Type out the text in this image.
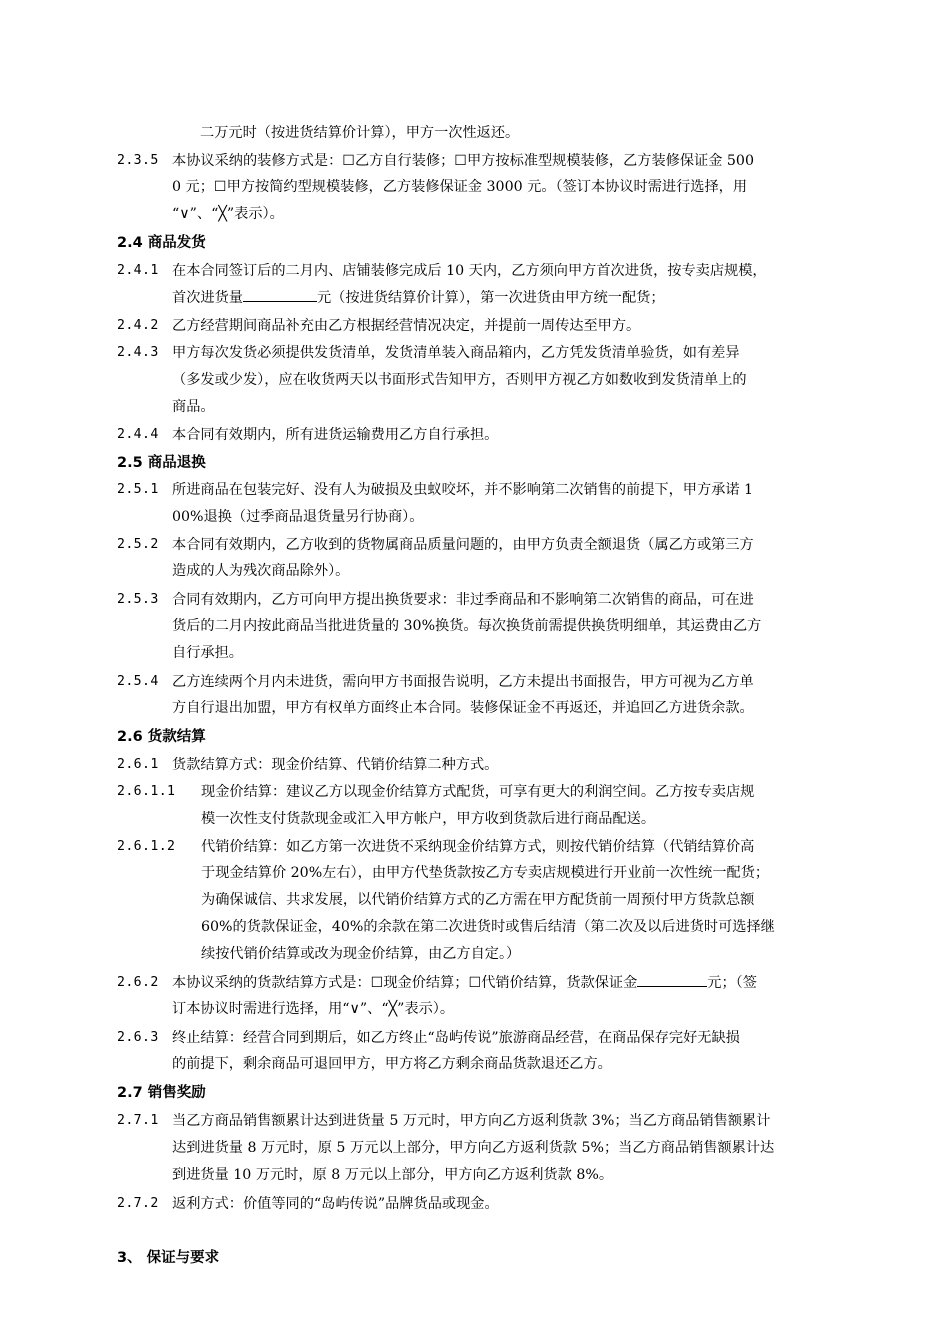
二万元时（按进货结算价计算），甲方一次性返还。
2.3.5 本协议采纳的装修方式是：☐乙方自行装修；☐甲方按标准型规模装修，乙方装修保证金 500
0 元；☐甲方按简约型规模装修，乙方装修保证金 3000 元。（签订本协议时需进行选择，用
“∨”、“╳”表示）。
2.4 商品发货
2.4.1 在本合同签订后的二月内、店铺装修完成后 10 天内，乙方须向甲方首次进货，按专卖店规模，
首次进货量	元（按进货结算价计算），第一次进货由甲方统一配货；
2.4.2 乙方经营期间商品补充由乙方根据经营情况决定，并提前一周传达至甲方。
2.4.3 甲方每次发货必须提供发货清单，发货清单装入商品箱内，乙方凭发货清单验货，如有差异
（多发或少发），应在收货两天以书面形式告知甲方，否则甲方视乙方如数收到发货清单上的
商品。
2.4.4 本合同有效期内，所有进货运输费用乙方自行承担。
2.5 商品退换
2.5.1 所进商品在包装完好、没有人为破损及虫蚁咬坏，并不影响第二次销售的前提下，甲方承诺 1
00%退换（过季商品退货量另行协商）。
2.5.2 本合同有效期内，乙方收到的货物属商品质量问题的，由甲方负责全额退货（属乙方或第三方
造成的人为残次商品除外）。
2.5.3 合同有效期内，乙方可向甲方提出换货要求：非过季商品和不影响第二次销售的商品，可在进
货后的二月内按此商品当批进货量的 30%换货。每次换货前需提供换货明细单，其运费由乙方
自行承担。
2.5.4 乙方连续两个月内未进货，需向甲方书面报告说明，乙方未提出书面报告，甲方可视为乙方单
方自行退出加盟，甲方有权单方面终止本合同。装修保证金不再返还，并追回乙方进货余款。
2.6 货款结算
2.6.1 货款结算方式：现金价结算、代销价结算二种方式。
2.6.1.1 现金价结算：建议乙方以现金价结算方式配货，可享有更大的利润空间。乙方按专卖店规
模一次性支付货款现金或汇入甲方帐户，甲方收到货款后进行商品配送。
2.6.1.2 代销价结算：如乙方第一次进货不采纳现金价结算方式，则按代销价结算（代销结算价高
于现金结算价 20%左右），由甲方代垫货款按乙方专卖店规模进行开业前一次性统一配货；
为确保诚信、共求发展，以代销价结算方式的乙方需在甲方配货前一周预付甲方货款总额
60%的货款保证金，40%的余款在第二次进货时或售后结清（第二次及以后进货时可选择继
续按代销价结算或改为现金价结算，由乙方自定。）
2.6.2 本协议采纳的货款结算方式是：☐现金价结算；☐代销价结算，货款保证金	元；（签
订本协议时需进行选择，用“∨”、“╳”表示）。
2.6.3 终止结算：经营合同到期后，如乙方终止“岛屿传说”旅游商品经营，在商品保存完好无缺损
的前提下，剩余商品可退回甲方，甲方将乙方剩余商品货款退还乙方。
2.7 销售奖励
2.7.1 当乙方商品销售额累计达到进货量 5 万元时，甲方向乙方返利货款 3%；当乙方商品销售额累计
达到进货量 8 万元时，原 5 万元以上部分，甲方向乙方返利货款 5%；当乙方商品销售额累计达
到进货量 10 万元时，原 8 万元以上部分，甲方向乙方返利货款 8%。
2.7.2 返利方式：价值等同的“岛屿传说”品牌货品或现金。
3、 保证与要求
